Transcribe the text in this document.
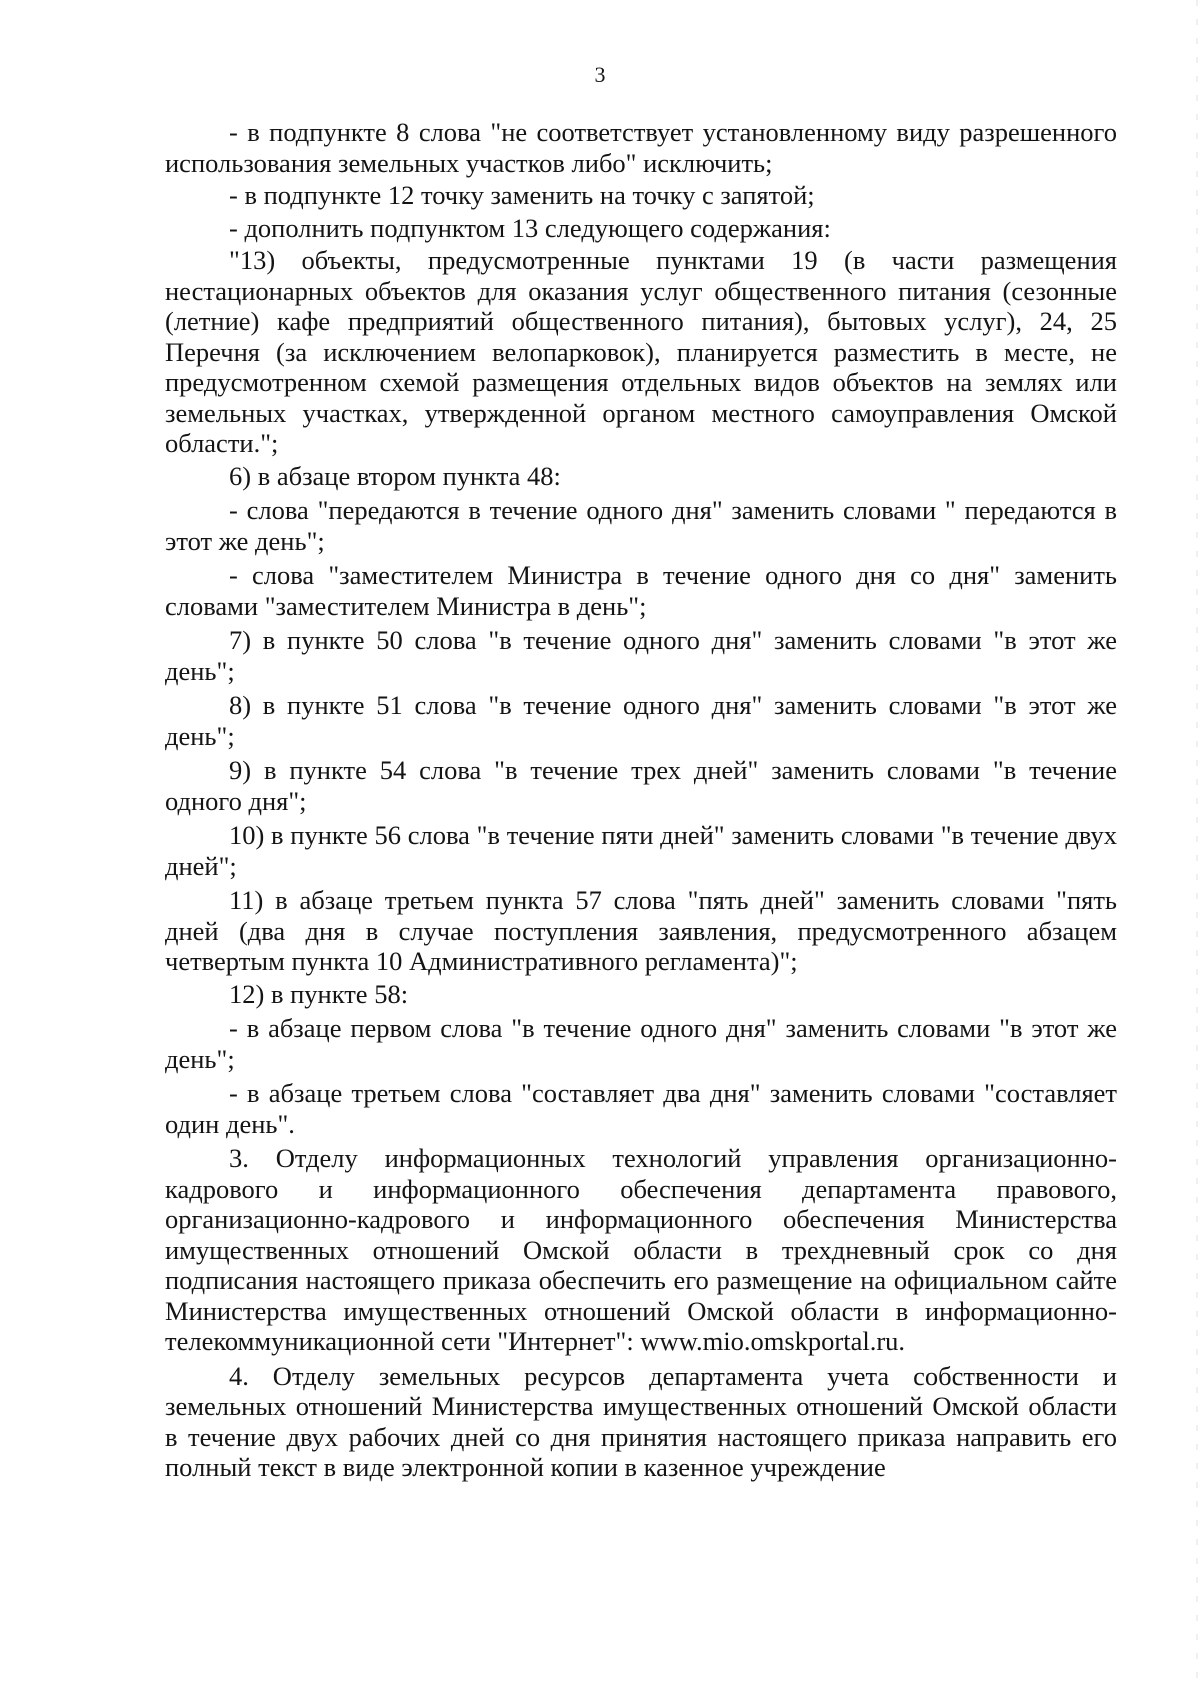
3

- в подпункте 8 слова "не соответствует установленному виду разрешенного использования земельных участков либо" исключить;

- в подпункте 12 точку заменить на точку с запятой;

- дополнить подпунктом 13 следующего содержания:

"13) объекты, предусмотренные пунктами 19 (в части размещения нестационарных объектов для оказания услуг общественного питания (сезонные (летние) кафе предприятий общественного питания), бытовых услуг), 24, 25 Перечня (за исключением велопарковок), планируется разместить в месте, не предусмотренном схемой размещения отдельных видов объектов на землях или земельных участках, утвержденной органом местного самоуправления Омской области.";

6) в абзаце втором пункта 48:

- слова "передаются в течение одного дня" заменить словами " передаются в этот же день";

- слова "заместителем Министра в течение одного дня со дня" заменить словами "заместителем Министра в день";

7) в пункте 50 слова "в течение одного дня" заменить словами "в этот же день";

8) в пункте 51 слова "в течение одного дня" заменить словами "в этот же день";

9) в пункте 54 слова "в течение трех дней" заменить словами "в течение одного дня";

10) в пункте 56 слова "в течение пяти дней" заменить словами "в течение двух дней";

11) в абзаце третьем пункта 57 слова "пять дней" заменить словами "пять дней (два дня в случае поступления заявления, предусмотренного абзацем четвертым пункта 10 Административного регламента)";

12) в пункте 58:

- в абзаце первом слова "в течение одного дня" заменить словами "в этот же день";

- в абзаце третьем слова "составляет два дня" заменить словами "составляет один день".

3. Отделу информационных технологий управления организационно-кадрового и информационного обеспечения департамента правового, организационно-кадрового и информационного обеспечения Министерства имущественных отношений Омской области в трехдневный срок со дня подписания настоящего приказа обеспечить его размещение на официальном сайте Министерства имущественных отношений Омской области в информационно-телекоммуникационной сети "Интернет": www.mio.omskportal.ru.

4. Отделу земельных ресурсов департамента учета собственности и земельных отношений Министерства имущественных отношений Омской области в течение двух рабочих дней со дня принятия настоящего приказа направить его полный текст в виде электронной копии в казенное учреждение
